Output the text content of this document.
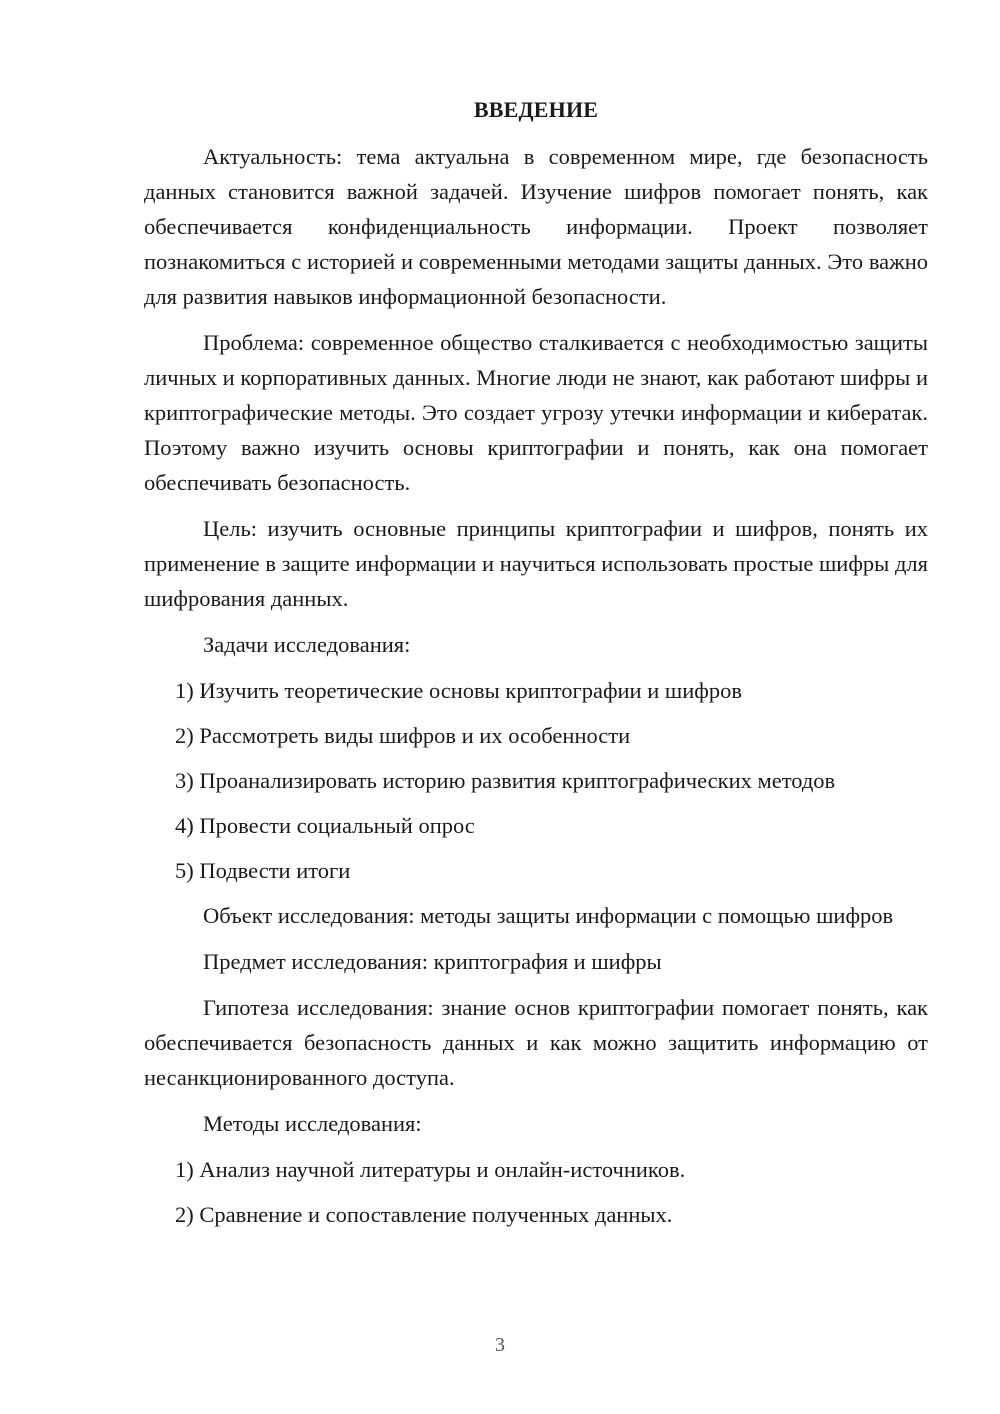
ВВЕДЕНИЕ

Актуальность: тема актуальна в современном мире, где безопасность данных становится важной задачей. Изучение шифров помогает понять, как обеспечивается конфиденциальность информации. Проект позволяет познакомиться с историей и современными методами защиты данных. Это важно для развития навыков информационной безопасности.

Проблема: современное общество сталкивается с необходимостью защиты личных и корпоративных данных. Многие люди не знают, как работают шифры и криптографические методы. Это создает угрозу утечки информации и кибератак. Поэтому важно изучить основы криптографии и понять, как она помогает обеспечивать безопасность.

Цель: изучить основные принципы криптографии и шифров, понять их применение в защите информации и научиться использовать простые шифры для шифрования данных.

Задачи исследования:

1) Изучить теоретические основы криптографии и шифров
2) Рассмотреть виды шифров и их особенности
3) Проанализировать историю развития криптографических методов
4) Провести социальный опрос
5) Подвести итоги

Объект исследования: методы защиты информации с помощью шифров

Предмет исследования: криптография и шифры

Гипотеза исследования: знание основ криптографии помогает понять, как обеспечивается безопасность данных и как можно защитить информацию от несанкционированного доступа.

Методы исследования:

1) Анализ научной литературы и онлайн-источников.
2) Сравнение и сопоставление полученных данных.
3
